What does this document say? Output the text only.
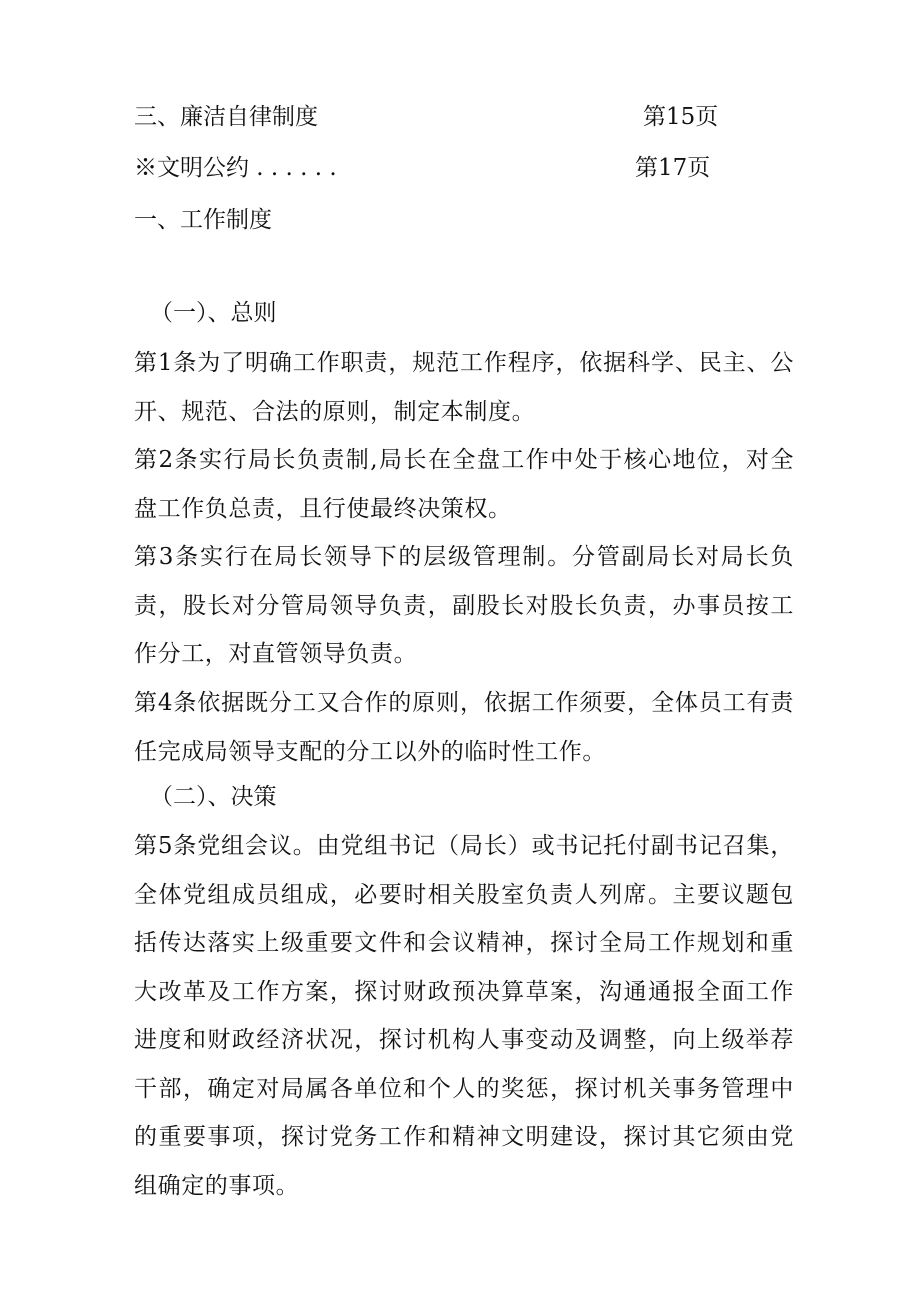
三、廉洁自律制度	第15页
※文明公约 . . . . . .	第17页
一、工作制度
（一）、总则
第1条为了明确工作职责，规范工作程序，依据科学、民主、公开、规范、合法的原则，制定本制度。
第2条实行局长负责制,局长在全盘工作中处于核心地位，对全盘工作负总责，且行使最终决策权。
第3条实行在局长领导下的层级管理制。分管副局长对局长负责，股长对分管局领导负责，副股长对股长负责，办事员按工作分工，对直管领导负责。
第4条依据既分工又合作的原则，依据工作须要，全体员工有责任完成局领导支配的分工以外的临时性工作。
（二）、决策
第5条党组会议。由党组书记（局长）或书记托付副书记召集，全体党组成员组成，必要时相关股室负责人列席。主要议题包括传达落实上级重要文件和会议精神，探讨全局工作规划和重大改革及工作方案，探讨财政预决算草案，沟通通报全面工作进度和财政经济状况，探讨机构人事变动及调整，向上级举荐干部，确定对局属各单位和个人的奖惩，探讨机关事务管理中的重要事项，探讨党务工作和精神文明建设，探讨其它须由党组确定的事项。
